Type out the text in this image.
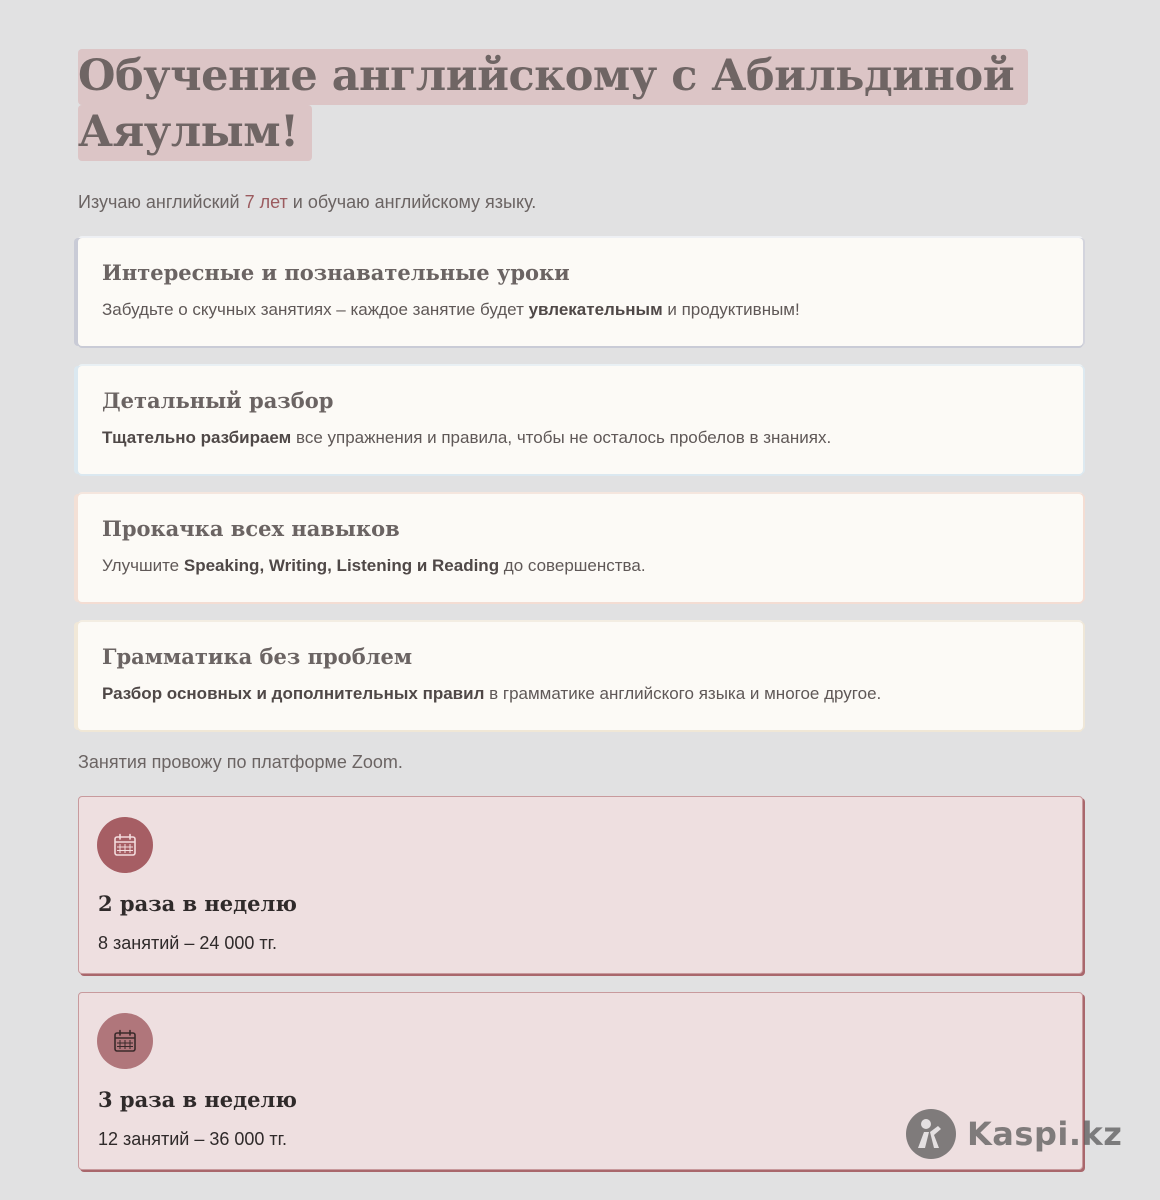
Обучение английскому с Абильдиной Аяулым!

Изучаю английский 7 лет и обучаю английскому языку.

Интересные и познавательные уроки

Забудьте о скучных занятиях – каждое занятие будет увлекательным и продуктивным!

Детальный разбор

Тщательно разбираем все упражнения и правила, чтобы не осталось пробелов в знаниях.

Прокачка всех навыков

Улучшите Speaking, Writing, Listening и Reading до совершенства.

Грамматика без проблем

Разбор основных и дополнительных правил в грамматике английского языка и многое другое.

Занятия провожу по платформе Zoom.

2 раза в неделю

8 занятий – 24 000 тг.

3 раза в неделю

12 занятий – 36 000 тг.	Kaspi.kz
